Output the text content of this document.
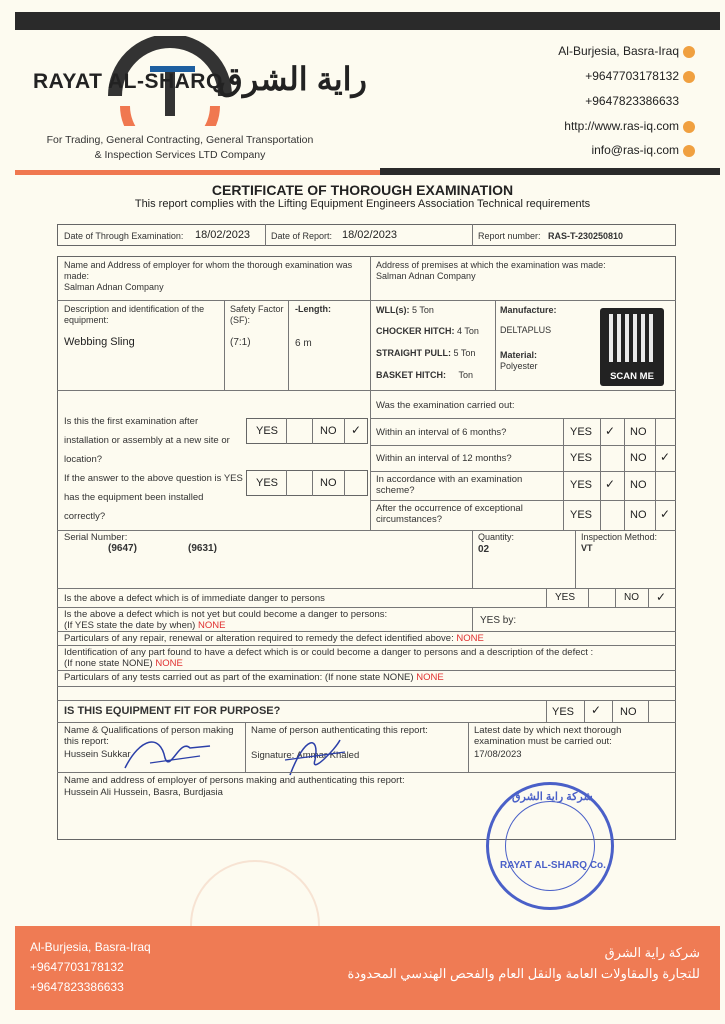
RAYAT AL-SHARQ
راية الشرق
For Trading, General Contracting, General Transportation
& Inspection Services LTD Company
Al-Burjesia, Basra-Iraq
+9647703178132
+9647823386633
http://www.ras-iq.com
info@ras-iq.com
CERTIFICATE OF THOROUGH EXAMINATION
This report complies with the Lifting Equipment Engineers Association Technical requirements
Date of Through Examination: 18/02/2023 Date of Report: 18/02/2023	Report number: RAS-T-230250810
Name and Address of employer for whom the thorough examination was made:
Salman Adnan Company
Address of premises at which the examination was made:
Salman Adnan Company
Description and identification of the equipment:
Webbing Sling
Safety Factor (SF):
(7:1)
-Length:
6 m
WLL(s): 5 Ton
CHOCKER HITCH: 4 Ton
STRAIGHT PULL: 5 Ton
BASKET HITCH: Ton
Manufacture:
DELTAPLUS
Material:
Polyester
SCAN ME
Is this the first examination after installation or assembly at a new site or location?
If the answer to the above question is YES has the equipment been installed correctly?
YES	NO ✓
YES	NO
Was the examination carried out:
Within an interval of 6 months?	YES ✓ NO
Within an interval of 12 months?	YES	NO ✓
In accordance with an examination scheme?	YES ✓ NO
After the occurrence of exceptional circumstances?	YES	NO ✓
Serial Number:
(9647)	(9631)
Quantity:
02
Inspection Method:
VT
Is the above a defect which is of immediate danger to persons	YES	NO ✓
Is the above a defect which is not yet but could become a danger to persons:
(If YES state the date by when) NONE	YES by:
Particulars of any repair, renewal or alteration required to remedy the defect identified above: NONE
Identification of any part found to have a defect which is or could become a danger to persons and a description of the defect :
(If none state NONE) NONE
Particulars of any tests carried out as part of the examination: (If none state NONE) NONE
IS THIS EQUIPMENT FIT FOR PURPOSE?	YES ✓ NO
Name & Qualifications of person making this report:
Hussein Sukkar
Name of person authenticating this report:
Signature: Ammar Khaled
Latest date by which next thorough examination must be carried out:
17/08/2023
Name and address of employer of persons making and authenticating this report:
Hussein Ali Hussein, Basra, Burdjasia	شركة راية الشرق
RAYAT AL-SHARQ Co.
Al-Burjesia, Basra-Iraq
+9647703178132
+9647823386633
شركة راية الشرق
للتجارة والمقاولات العامة والنقل العام والفحص الهندسي المحدودة
